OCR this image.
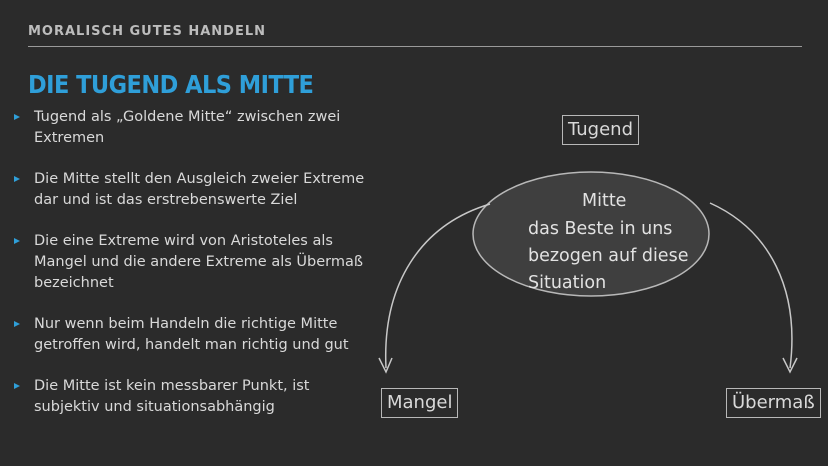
MORALISCH GUTES HANDELN
DIE TUGEND ALS MITTE
Tugend als „Goldene Mitte“ zwischen zwei Extremen
Die Mitte stellt den Ausgleich zweier Extreme dar und ist das erstrebenswerte Ziel
Die eine Extreme wird von Aristoteles als Mangel und die andere Extreme als Übermaß bezeichnet
Nur wenn beim Handeln die richtige Mitte getroffen wird, handelt man richtig und gut
Die Mitte ist kein messbarer Punkt, ist subjektiv und situationsabhängig
Tugend
Mitte
das Beste in uns
bezogen auf diese
Situation
Mangel	Übermaß
